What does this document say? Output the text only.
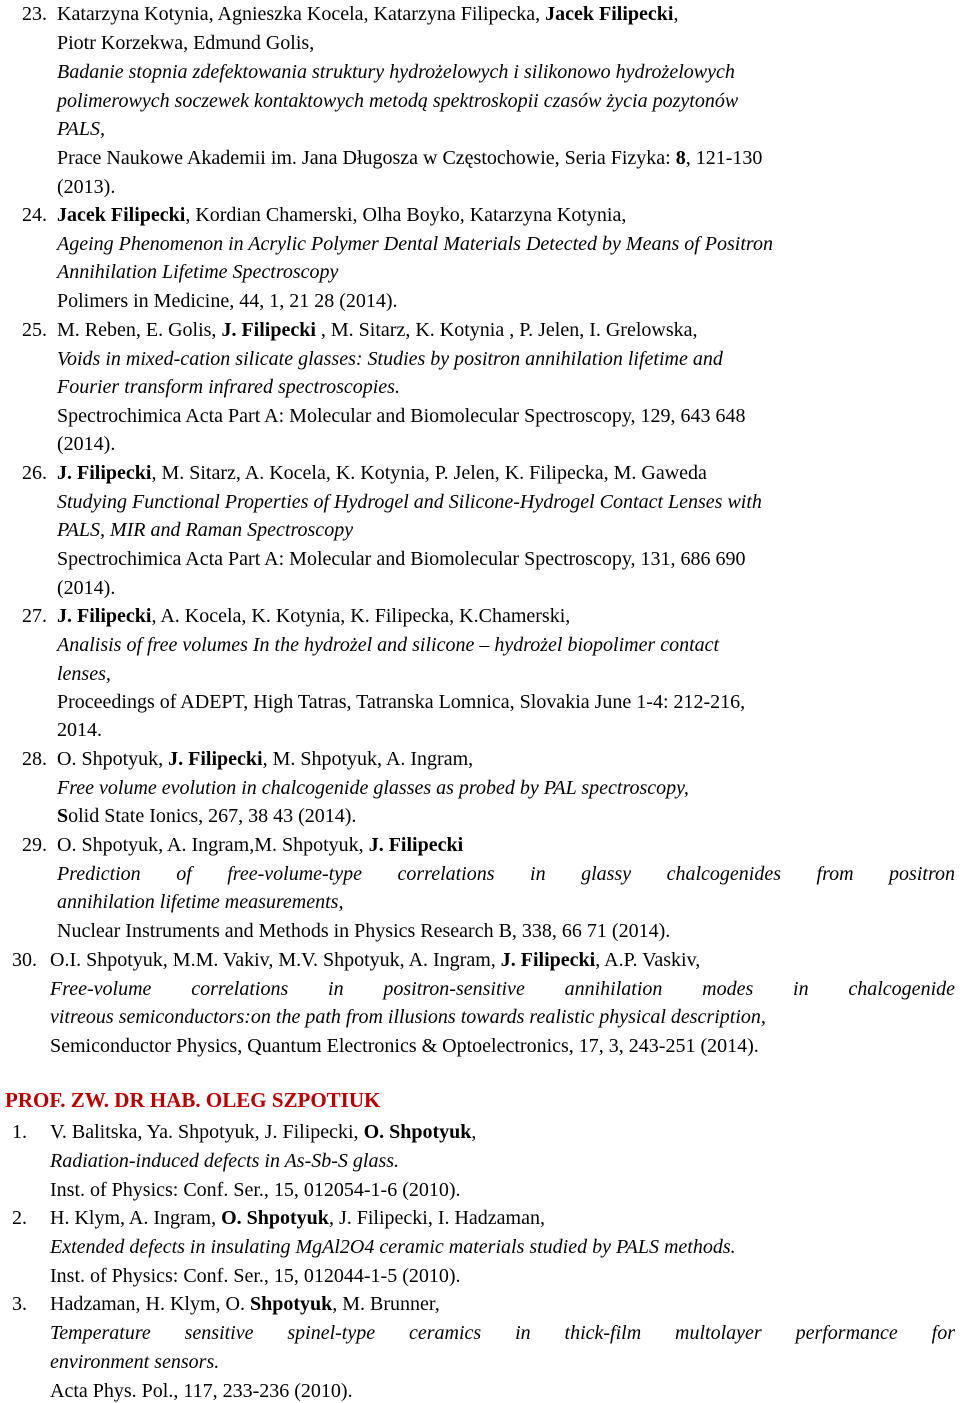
23. Katarzyna Kotynia, Agnieszka Kocela, Katarzyna Filipecka, Jacek Filipecki,
Piotr Korzekwa, Edmund Golis,
Badanie stopnia zdefektowania struktury hydrożelowych i silikonowo hydrożelowych
polimerowych soczewek kontaktowych metodą spektroskopii czasów życia pozytonów
PALS,
Prace Naukowe Akademii im. Jana Długosza w Częstochowie, Seria Fizyka: 8, 121-130
(2013).
24. Jacek Filipecki, Kordian Chamerski, Olha Boyko, Katarzyna Kotynia,
Ageing Phenomenon in Acrylic Polymer Dental Materials Detected by Means of Positron
Annihilation Lifetime Spectroscopy
Polimers in Medicine, 44, 1, 21 28 (2014).
25. M. Reben, E. Golis, J. Filipecki , M. Sitarz, K. Kotynia , P. Jelen, I. Grelowska,
Voids in mixed-cation silicate glasses: Studies by positron annihilation lifetime and
Fourier transform infrared spectroscopies.
Spectrochimica Acta Part A: Molecular and Biomolecular Spectroscopy, 129, 643 648
(2014).
26. J. Filipecki, M. Sitarz, A. Kocela, K. Kotynia, P. Jelen, K. Filipecka, M. Gaweda
Studying Functional Properties of Hydrogel and Silicone-Hydrogel Contact Lenses with
PALS, MIR and Raman Spectroscopy
Spectrochimica Acta Part A: Molecular and Biomolecular Spectroscopy, 131, 686 690
(2014).
27. J. Filipecki, A. Kocela, K. Kotynia, K. Filipecka, K.Chamerski,
Analisis of free volumes In the hydrożel and silicone – hydrożel biopolimer contact
lenses,
Proceedings of ADEPT, High Tatras, Tatranska Lomnica, Slovakia June 1-4: 212-216,
2014.
28. O. Shpotyuk, J. Filipecki, M. Shpotyuk, A. Ingram,
Free volume evolution in chalcogenide glasses as probed by PAL spectroscopy,
Solid State Ionics, 267, 38 43 (2014).
29. O. Shpotyuk, A. Ingram,M. Shpotyuk, J. Filipecki
Prediction of free-volume-type correlations in glassy chalcogenides from positron
annihilation lifetime measurements,
Nuclear Instruments and Methods in Physics Research B, 338, 66 71 (2014).
30. O.I. Shpotyuk, M.M. Vakiv, M.V. Shpotyuk, A. Ingram, J. Filipecki, A.P. Vaskiv,
Free-volume correlations in positron-sensitive annihilation modes in chalcogenide
vitreous semiconductors:on the path from illusions towards realistic physical description,
Semiconductor Physics, Quantum Electronics & Optoelectronics, 17, 3, 243-251 (2014).
PROF. ZW. DR HAB. OLEG SZPOTIUK
1. V. Balitska, Ya. Shpotyuk, J. Filipecki, O. Shpotyuk,
Radiation-induced defects in As-Sb-S glass.
Inst. of Physics: Conf. Ser., 15, 012054-1-6 (2010).
2. H. Klym, A. Ingram, O. Shpotyuk, J. Filipecki, I. Hadzaman,
Extended defects in insulating MgAl2O4 ceramic materials studied by PALS methods.
Inst. of Physics: Conf. Ser., 15, 012044-1-5 (2010).
3. Hadzaman, H. Klym, O. Shpotyuk, M. Brunner,
Temperature sensitive spinel-type ceramics in thick-film multolayer performance for
environment sensors.
Acta Phys. Pol., 117, 233-236 (2010).
